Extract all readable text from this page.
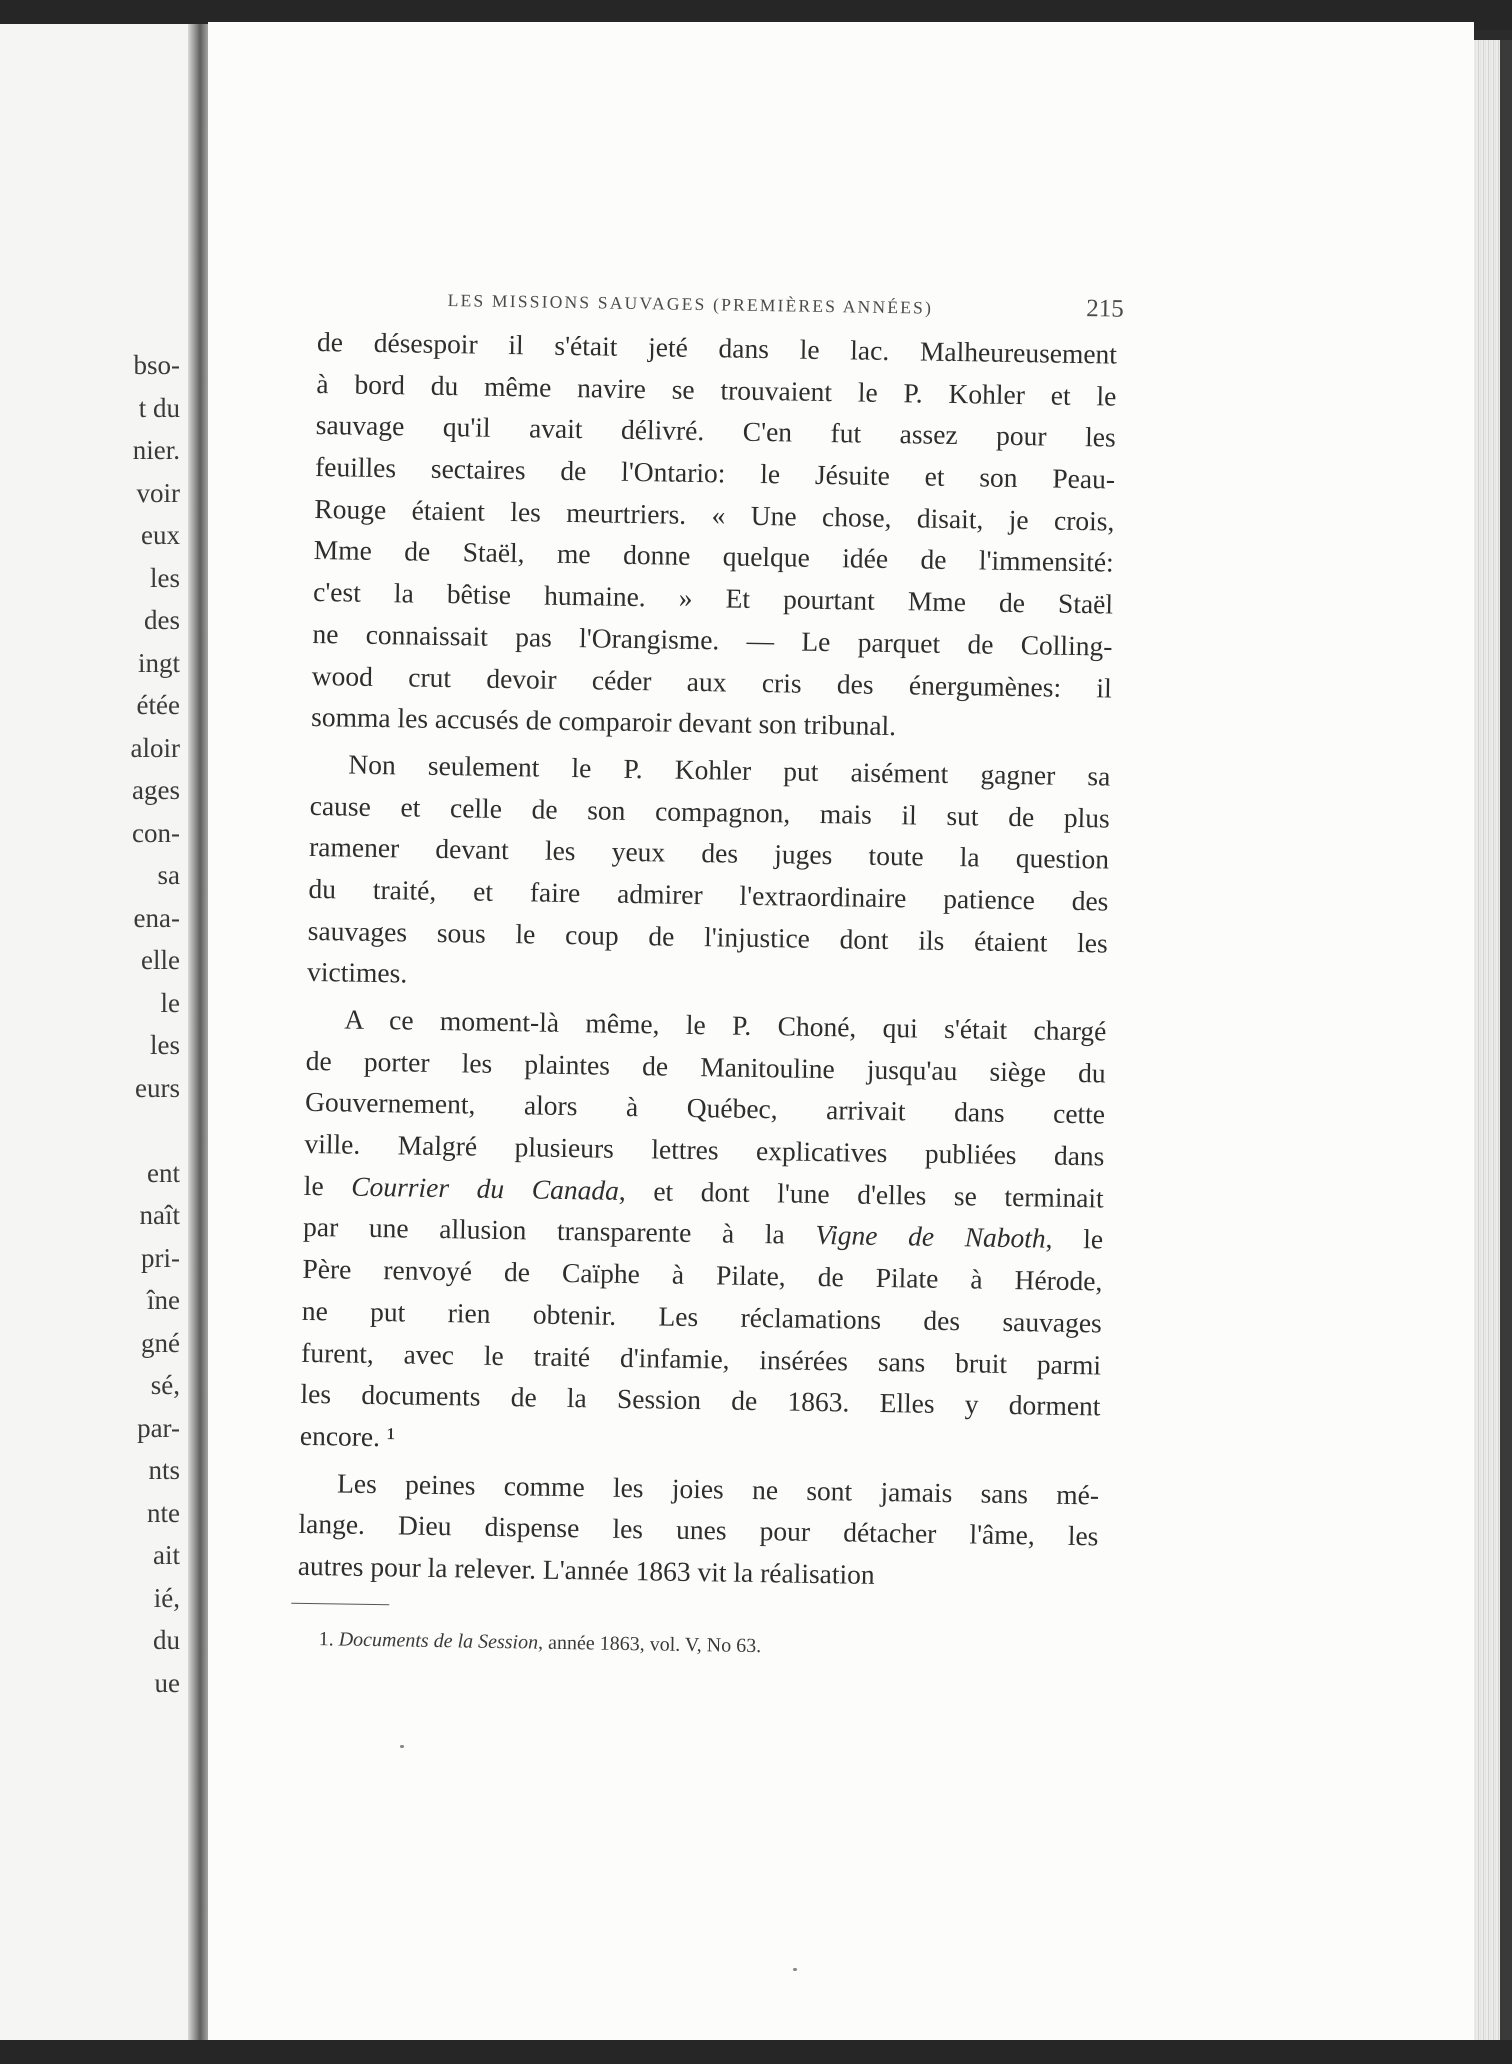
bso-
t du
nier.
voir
eux
les
des
ingt
étée
aloir
ages
con-
sa
ena-
elle
le
les
eurs
ent
naît
pri-
îne
gné
sé,
par-
nts
nte
ait
ié,
du
ue
LES MISSIONS SAUVAGES (PREMIÈRES ANNÉES)	215
de désespoir il s'était jeté dans le lac. Malheureusement
à bord du même navire se trouvaient le P. Kohler et le
sauvage qu'il avait délivré. C'en fut assez pour les
feuilles sectaires de l'Ontario: le Jésuite et son Peau-
Rouge étaient les meurtriers. « Une chose, disait, je crois,
Mme de Staël, me donne quelque idée de l'immensité:
c'est la bêtise humaine. » Et pourtant Mme de Staël
ne connaissait pas l'Orangisme. — Le parquet de Colling-
wood crut devoir céder aux cris des énergumènes: il
somma les accusés de comparoir devant son tribunal.
Non seulement le P. Kohler put aisément gagner sa
cause et celle de son compagnon, mais il sut de plus
ramener devant les yeux des juges toute la question
du traité, et faire admirer l'extraordinaire patience des
sauvages sous le coup de l'injustice dont ils étaient les
victimes.
A ce moment-là même, le P. Choné, qui s'était chargé
de porter les plaintes de Manitouline jusqu'au siège du
Gouvernement, alors à Québec, arrivait dans cette
ville. Malgré plusieurs lettres explicatives publiées dans
le Courrier du Canada, et dont l'une d'elles se terminait
par une allusion transparente à la Vigne de Naboth, le
Père renvoyé de Caïphe à Pilate, de Pilate à Hérode,
ne put rien obtenir. Les réclamations des sauvages
furent, avec le traité d'infamie, insérées sans bruit parmi
les documents de la Session de 1863. Elles y dorment
encore. ¹
Les peines comme les joies ne sont jamais sans mé-
lange. Dieu dispense les unes pour détacher l'âme, les
autres pour la relever. L'année 1863 vit la réalisation
1. Documents de la Session, année 1863, vol. V, No 63.
